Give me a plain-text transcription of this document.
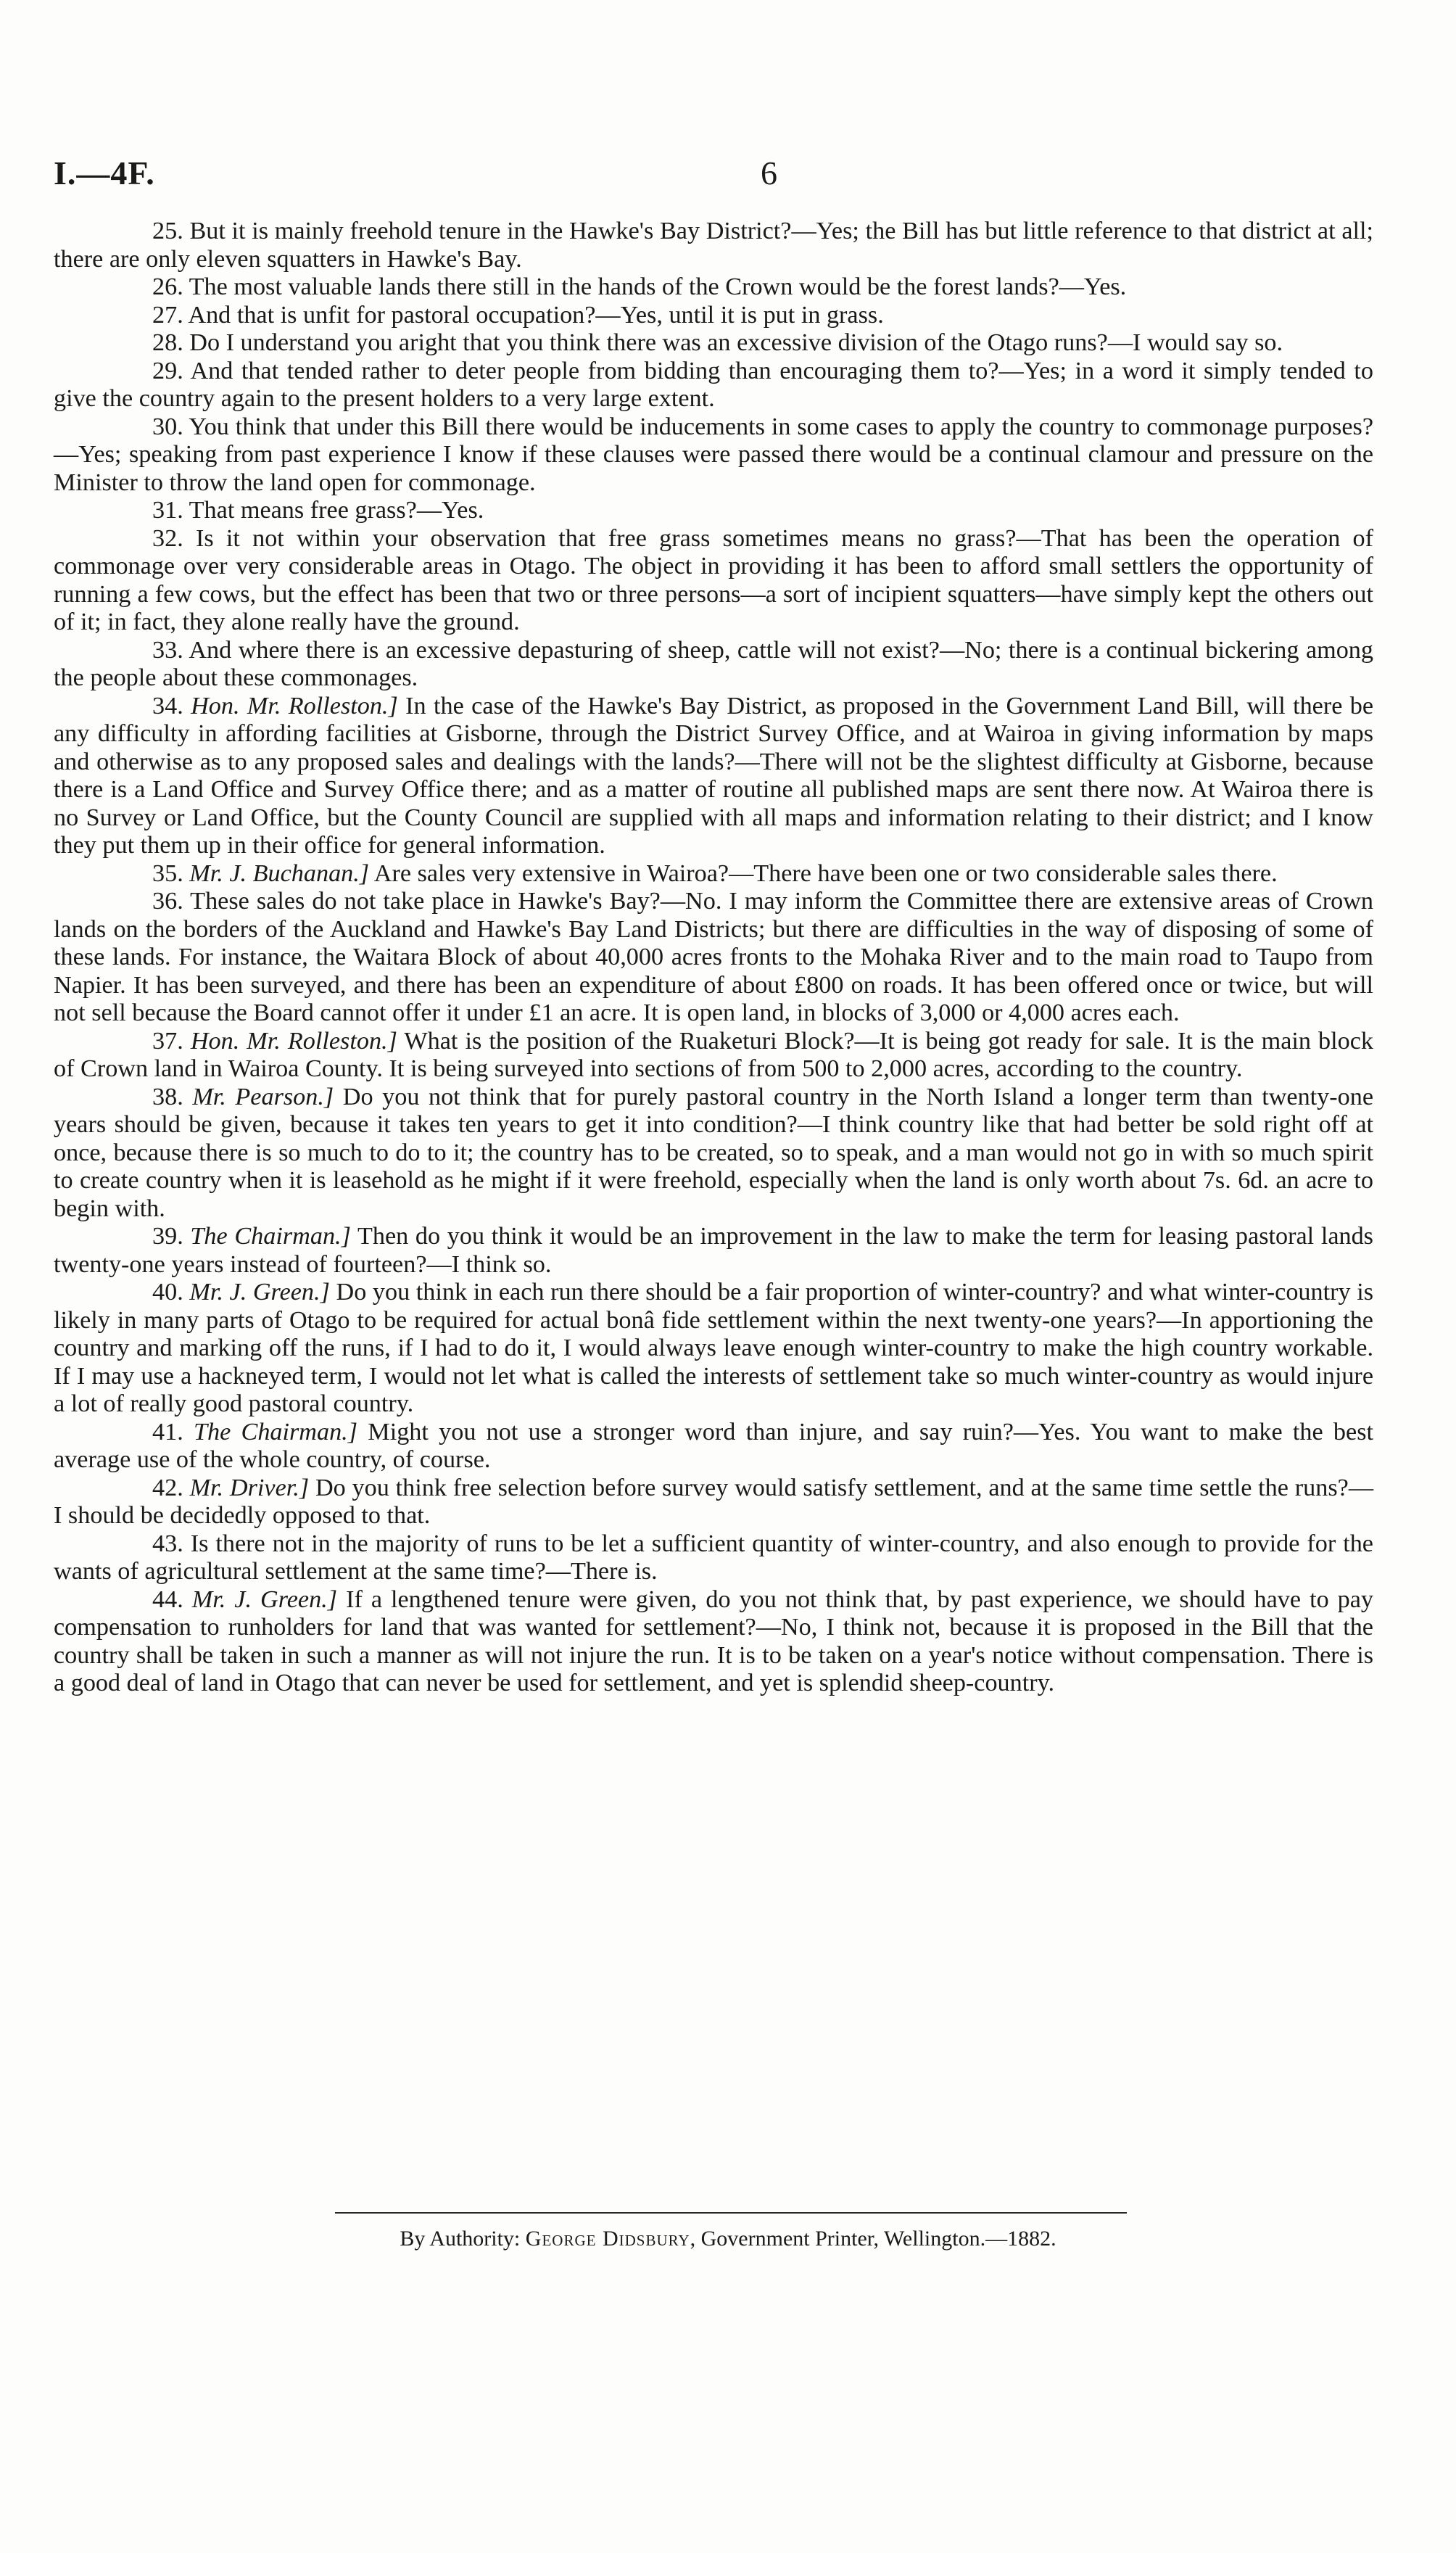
I.—4F.	6

25. But it is mainly freehold tenure in the Hawke's Bay District?—Yes; the Bill has but little reference to that district at all; there are only eleven squatters in Hawke's Bay.

26. The most valuable lands there still in the hands of the Crown would be the forest lands?—Yes.

27. And that is unfit for pastoral occupation?—Yes, until it is put in grass.

28. Do I understand you aright that you think there was an excessive division of the Otago runs?—I would say so.

29. And that tended rather to deter people from bidding than encouraging them to?—Yes; in a word it simply tended to give the country again to the present holders to a very large extent.

30. You think that under this Bill there would be inducements in some cases to apply the country to commonage purposes?—Yes; speaking from past experience I know if these clauses were passed there would be a continual clamour and pressure on the Minister to throw the land open for commonage.

31. That means free grass?—Yes.

32. Is it not within your observation that free grass sometimes means no grass?—That has been the operation of commonage over very considerable areas in Otago. The object in providing it has been to afford small settlers the opportunity of running a few cows, but the effect has been that two or three persons—a sort of incipient squatters—have simply kept the others out of it; in fact, they alone really have the ground.

33. And where there is an excessive depasturing of sheep, cattle will not exist?—No; there is a continual bickering among the people about these commonages.

34. Hon. Mr. Rolleston.] In the case of the Hawke's Bay District, as proposed in the Government Land Bill, will there be any difficulty in affording facilities at Gisborne, through the District Survey Office, and at Wairoa in giving information by maps and otherwise as to any proposed sales and dealings with the lands?—There will not be the slightest difficulty at Gisborne, because there is a Land Office and Survey Office there; and as a matter of routine all published maps are sent there now. At Wairoa there is no Survey or Land Office, but the County Council are supplied with all maps and information relating to their district; and I know they put them up in their office for general information.

35. Mr. J. Buchanan.] Are sales very extensive in Wairoa?—There have been one or two considerable sales there.

36. These sales do not take place in Hawke's Bay?—No. I may inform the Committee there are extensive areas of Crown lands on the borders of the Auckland and Hawke's Bay Land Districts; but there are difficulties in the way of disposing of some of these lands. For instance, the Waitara Block of about 40,000 acres fronts to the Mohaka River and to the main road to Taupo from Napier. It has been surveyed, and there has been an expenditure of about £800 on roads. It has been offered once or twice, but will not sell because the Board cannot offer it under £1 an acre. It is open land, in blocks of 3,000 or 4,000 acres each.

37. Hon. Mr. Rolleston.] What is the position of the Ruaketuri Block?—It is being got ready for sale. It is the main block of Crown land in Wairoa County. It is being surveyed into sections of from 500 to 2,000 acres, according to the country.

38. Mr. Pearson.] Do you not think that for purely pastoral country in the North Island a longer term than twenty-one years should be given, because it takes ten years to get it into condition?—I think country like that had better be sold right off at once, because there is so much to do to it; the country has to be created, so to speak, and a man would not go in with so much spirit to create country when it is leasehold as he might if it were freehold, especially when the land is only worth about 7s. 6d. an acre to begin with.

39. The Chairman.] Then do you think it would be an improvement in the law to make the term for leasing pastoral lands twenty-one years instead of fourteen?—I think so.

40. Mr. J. Green.] Do you think in each run there should be a fair proportion of winter-country? and what winter-country is likely in many parts of Otago to be required for actual bonâ fide settlement within the next twenty-one years?—In apportioning the country and marking off the runs, if I had to do it, I would always leave enough winter-country to make the high country workable. If I may use a hackneyed term, I would not let what is called the interests of settlement take so much winter-country as would injure a lot of really good pastoral country.

41. The Chairman.] Might you not use a stronger word than injure, and say ruin?—Yes. You want to make the best average use of the whole country, of course.

42. Mr. Driver.] Do you think free selection before survey would satisfy settlement, and at the same time settle the runs?—I should be decidedly opposed to that.

43. Is there not in the majority of runs to be let a sufficient quantity of winter-country, and also enough to provide for the wants of agricultural settlement at the same time?—There is.

44. Mr. J. Green.] If a lengthened tenure were given, do you not think that, by past experience, we should have to pay compensation to runholders for land that was wanted for settlement?—No, I think not, because it is proposed in the Bill that the country shall be taken in such a manner as will not injure the run. It is to be taken on a year's notice without compensation. There is a good deal of land in Otago that can never be used for settlement, and yet is splendid sheep-country.

By Authority: George Didsbury, Government Printer, Wellington.—1882.
